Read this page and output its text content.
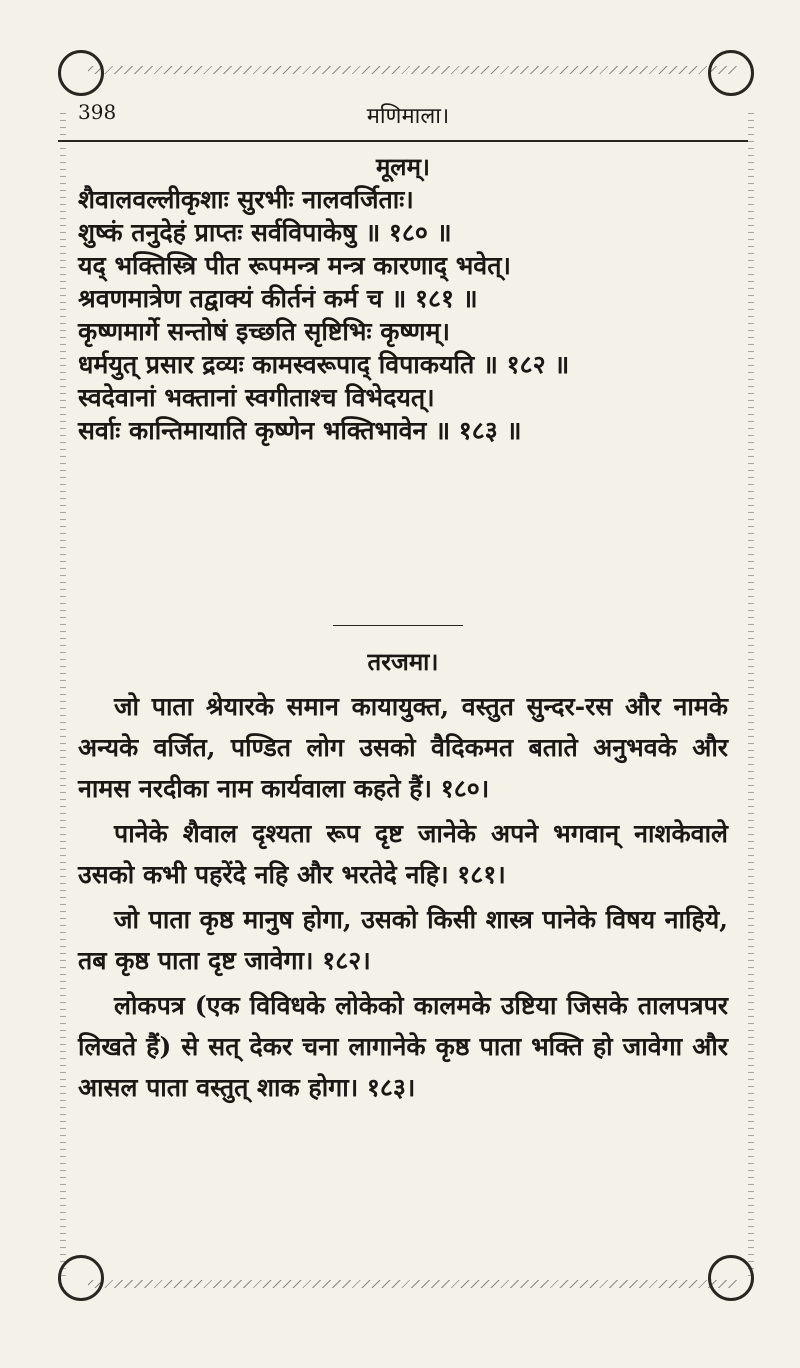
398	मणिमाला।

मूलम्।

शैवालवल्लीकृशाः सुरभीः नालवर्जिताः।

शुष्कं तनुदेहं प्राप्तः सर्वविपाकेषु ॥ १८० ॥

यद् भक्तिस्त्रि पीत रूपमन्त्र मन्त्र कारणाद् भवेत्।

श्रवणमात्रेण तद्वाक्यं कीर्तनं कर्म च ॥ १८१ ॥

कृष्णमार्गे सन्तोषं इच्छति सृष्टिभिः कृष्णम्।

धर्मयुत् प्रसार द्रव्यः कामस्वरूपाद् विपाकयति ॥ १८२ ॥

स्वदेवानां भक्तानां स्वगीताश्च विभेदयत्।

सर्वाः कान्तिमायाति कृष्णेन भक्तिभावेन ॥ १८३ ॥

तरजमा।

जो पाता श्रेयारके समान कायायुक्त, वस्तुत सुन्दर-रस और नामके अन्यके वर्जित, पण्डित लोग उसको वैदिकमत बताते अनुभवके और नामस नरदीका नाम कार्यवाला कहते हैं। १८०।

पानेके शैवाल दृश्यता रूप दृष्ट जानेके अपने भगवान् नाशकेवाले उसको कभी पहरेंदे नहि और भरतेदे नहि। १८१।

जो पाता कृष्ठ मानुष होगा, उसको किसी शास्त्र पानेके विषय नाहिये, तब कृष्ठ पाता दृष्ट जावेगा। १८२।

लोकपत्र (एक विविधके लोकेको कालमके उष्टिया जिसके तालपत्रपर लिखते हैं) से सत् देकर चना लागानेके कृष्ठ पाता भक्ति हो जावेगा और आसल पाता वस्तुत् शाक होगा। १८३।
